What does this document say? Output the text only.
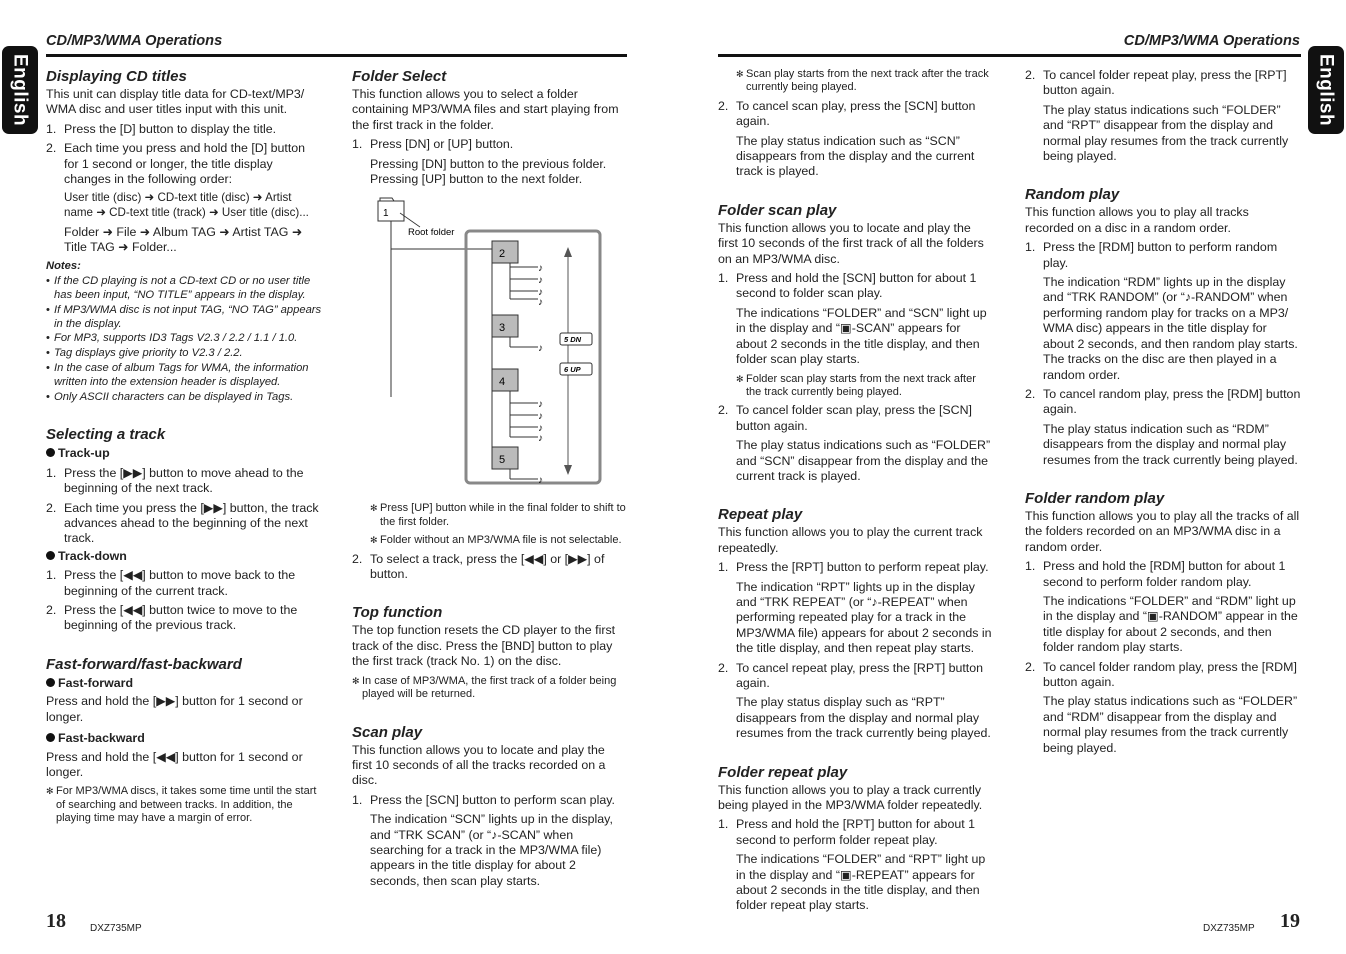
English	English
CD/MP3/WMA Operations	CD/MP3/WMA Operations
Displaying CD titles

This unit can display title data for CD-text/MP3/ WMA disc and user titles input with this unit.

1. Press the [D] button to display the title.
2. Each time you press and hold the [D] button for 1 second or longer, the title display changes in the following order:

User title (disc) ➜ CD-text title (disc) ➜ Artist name ➜ CD-text title (track) ➜ User title (disc)...

Folder ➜ File ➜ Album TAG ➜ Artist TAG ➜ Title TAG ➜ Folder...

Notes:

• If the CD playing is not a CD-text CD or no user title has been input, “NO TITLE” appears in the display.
• If MP3/WMA disc is not input TAG, “NO TAG” appears in the display.
• For MP3, supports ID3 Tags V2.3 / 2.2 / 1.1 / 1.0.
• Tag displays give priority to V2.3 / 2.2.
• In the case of album Tags for WMA, the information written into the extension header is displayed.
• Only ASCII characters can be displayed in Tags.
Selecting a track
Track-up
1. Press the [▶▶] button to move ahead to the beginning of the next track.
2. Each time you press the [▶▶] button, the track advances ahead to the beginning of the next track.
Track-down
1. Press the [◀◀] button to move back to the beginning of the current track.
2. Press the [◀◀] button twice to move to the beginning of the previous track.
Fast-forward/fast-backward
Fast-forward

Press and hold the [▶▶] button for 1 second or longer.

Fast-backward

Press and hold the [◀◀] button for 1 second or longer.

✻ For MP3/WMA discs, it takes some time until the start of searching and between tracks. In addition, the playing time may have a margin of error.
Folder Select

This function allows you to select a folder containing MP3/WMA files and start playing from the first track in the folder.

1. Press [DN] or [UP] button.

Pressing [DN] button to the previous folder. Pressing [UP] button to the next folder.

1
Root folder
2
♪
♪
♪
♪
3
♪
4
♪
♪
♪
♪
5
♪
5 DN
6 UP
✻ Press [UP] button while in the final folder to shift to the first folder.
✻ Folder without an MP3/WMA file is not selectable.
2. To select a track, press the [◀◀] or [▶▶] of button.
Top function

The top function resets the CD player to the first track of the disc. Press the [BND] button to play the first track (track No. 1) on the disc.

✻ In case of MP3/WMA, the first track of a folder being played will be returned.
Scan play

This function allows you to locate and play the first 10 seconds of all the tracks recorded on a disc.

1. Press the [SCN] button to perform scan play.

The indication “SCN” lights up in the display, and “TRK SCAN” (or “♪-SCAN” when searching for a track in the MP3/WMA file) appears in the title display for about 2 seconds, then scan play starts.

✻ Scan play starts from the next track after the track currently being played.
2. To cancel scan play, press the [SCN] button again.

The play status indication such as “SCN” disappears from the display and the current track is played.

Folder scan play

This function allows you to locate and play the first 10 seconds of the first track of all the folders on an MP3/WMA disc.

1. Press and hold the [SCN] button for about 1 second to folder scan play.

The indications “FOLDER” and “SCN” light up in the display and “▣-SCAN” appears for about 2 seconds in the title display, and then folder scan play starts.

✻ Folder scan play starts from the next track after the track currently being played.
2. To cancel folder scan play, press the [SCN] button again.

The play status indications such as “FOLDER” and “SCN” disappear from the display and the current track is played.

Repeat play

This function allows you to play the current track repeatedly.

1. Press the [RPT] button to perform repeat play.

The indication “RPT” lights up in the display and “TRK REPEAT” (or “♪-REPEAT” when performing repeated play for a track in the MP3/WMA file) appears for about 2 seconds in the title display, and then repeat play starts.

2. To cancel repeat play, press the [RPT] button again.

The play status display such as “RPT” disappears from the display and normal play resumes from the track currently being played.

Folder repeat play

This function allows you to play a track currently being played in the MP3/WMA folder repeatedly.

1. Press and hold the [RPT] button for about 1 second to perform folder repeat play.

The indications “FOLDER” and “RPT” light up in the display and “▣-REPEAT” appears for about 2 seconds in the title display, and then folder repeat play starts.

2. To cancel folder repeat play, press the [RPT] button again.

The play status indications such “FOLDER” and “RPT” disappear from the display and normal play resumes from the track currently being played.

Random play

This function allows you to play all tracks recorded on a disc in a random order.

1. Press the [RDM] button to perform random play.

The indication “RDM” lights up in the display and “TRK RANDOM” (or “♪-RANDOM” when performing random play for tracks on a MP3/ WMA disc) appears in the title display for about 2 seconds, and then random play starts. The tracks on the disc are then played in a random order.

2. To cancel random play, press the [RDM] button again.

The play status indication such as “RDM” disappears from the display and normal play resumes from the track currently being played.

Folder random play

This function allows you to play all the tracks of all the folders recorded on an MP3/WMA disc in a random order.

1. Press and hold the [RDM] button for about 1 second to perform folder random play.

The indications “FOLDER” and “RDM” light up in the display and “▣-RANDOM” appear in the title display for about 2 seconds, and then folder random play starts.

2. To cancel folder random play, press the [RDM] button again.

The play status indications such as “FOLDER” and “RDM” disappear from the display and normal play resumes from the track currently being played.

18 DXZ735MP	DXZ735MP 19
